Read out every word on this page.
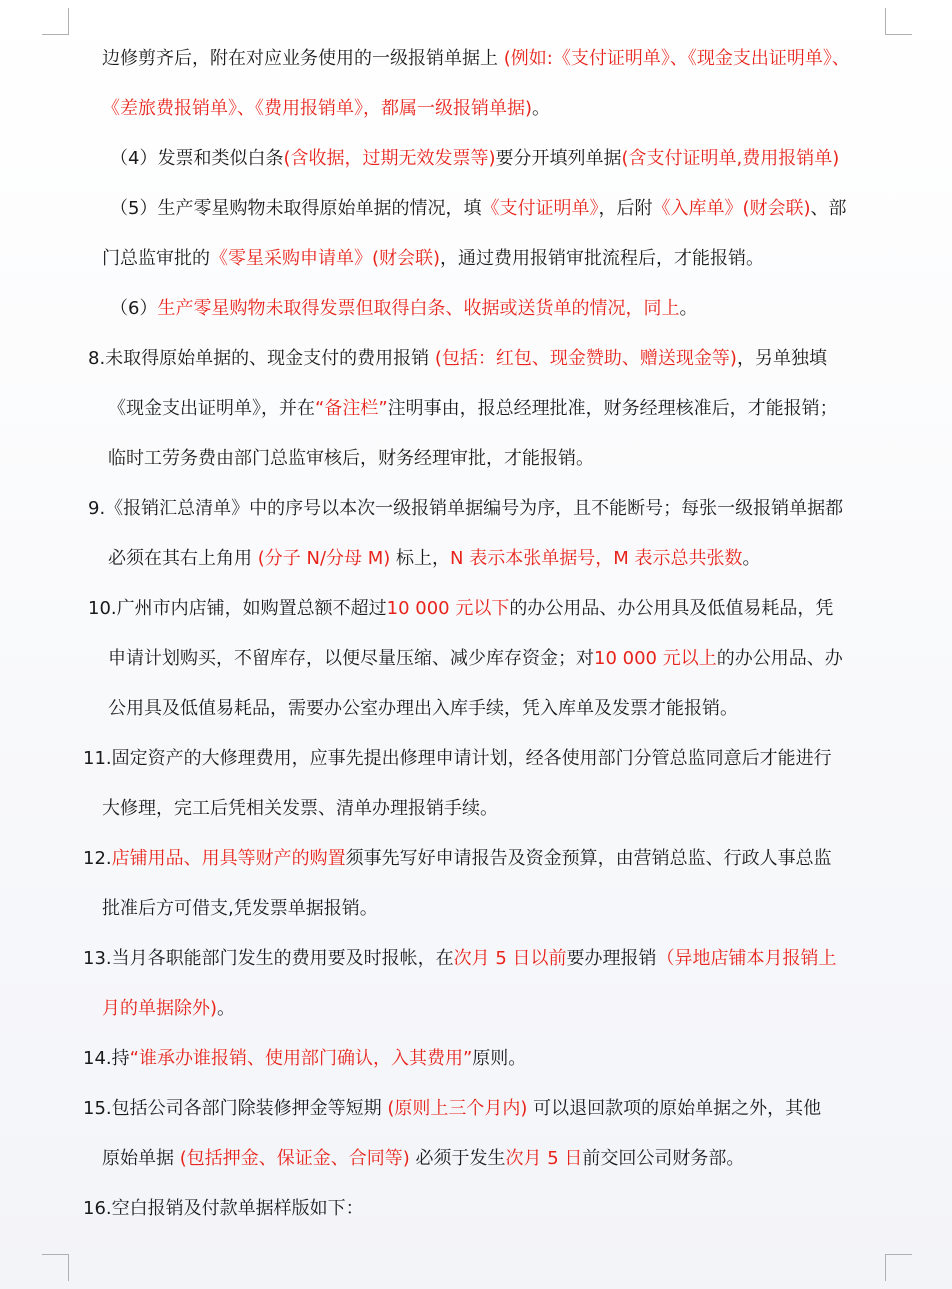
边修剪齐后，附在对应业务使用的一级报销单据上 (例如:《支付证明单》、《现金支出证明单》、
《差旅费报销单》、《费用报销单》，都属一级报销单据)。
（4）发票和类似白条(含收据，过期无效发票等)要分开填列单据(含支付证明单,费用报销单)
（5）生产零星购物未取得原始单据的情况，填《支付证明单》，后附《入库单》(财会联)、部
门总监审批的《零星采购申请单》(财会联)，通过费用报销审批流程后，才能报销。
（6）生产零星购物未取得发票但取得白条、收据或送货单的情况，同上。
8.未取得原始单据的、现金支付的费用报销 (包括：红包、现金赞助、赠送现金等)，另单独填
《现金支出证明单》，并在“备注栏”注明事由，报总经理批准，财务经理核准后，才能报销；
临时工劳务费由部门总监审核后，财务经理审批，才能报销。
9.《报销汇总清单》中的序号以本次一级报销单据编号为序，且不能断号；每张一级报销单据都
必须在其右上角用 (分子 N/分母 M) 标上，N 表示本张单据号，M 表示总共张数。
10.广州市内店铺，如购置总额不超过10 000 元以下的办公用品、办公用具及低值易耗品，凭
申请计划购买，不留库存，以便尽量压缩、减少库存资金；对10 000 元以上的办公用品、办
公用具及低值易耗品，需要办公室办理出入库手续，凭入库单及发票才能报销。
11.固定资产的大修理费用，应事先提出修理申请计划，经各使用部门分管总监同意后才能进行
大修理，完工后凭相关发票、清单办理报销手续。
12.店铺用品、用具等财产的购置须事先写好申请报告及资金预算，由营销总监、行政人事总监
批准后方可借支,凭发票单据报销。
13.当月各职能部门发生的费用要及时报帐，在次月 5 日以前要办理报销（异地店铺本月报销上
月的单据除外)。
14.持“谁承办谁报销、使用部门确认，入其费用”原则。
15.包括公司各部门除装修押金等短期 (原则上三个月内) 可以退回款项的原始单据之外，其他
原始单据 (包括押金、保证金、合同等) 必须于发生次月 5 日前交回公司财务部。
16.空白报销及付款单据样版如下：
